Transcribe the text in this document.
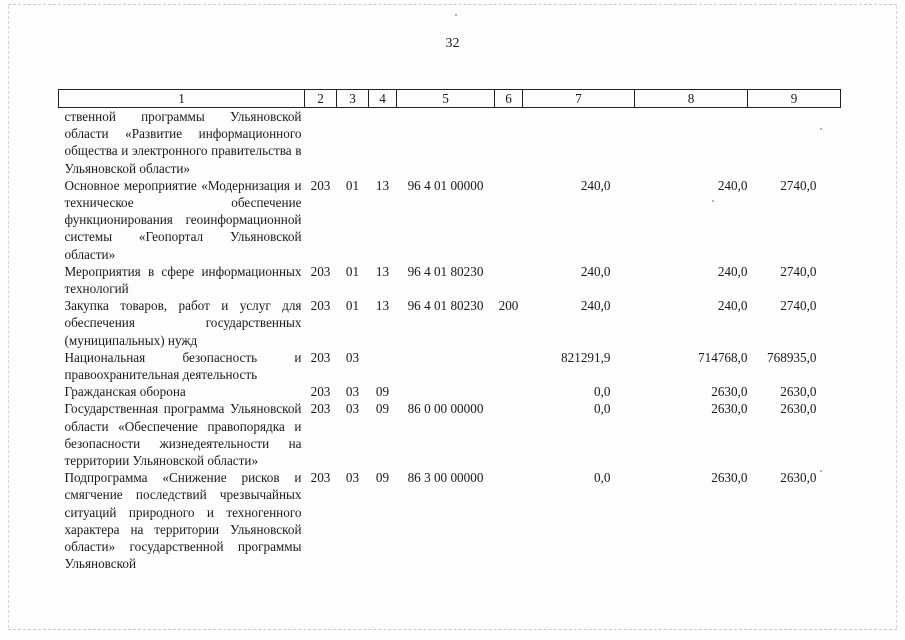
32
1	2	3	4	5	6	7	8	9
ственной программы Ульяновской области «Развитие информационного общества и электронного правительства в Ульяновской области»								
Основное мероприятие «Модернизация и техническое обеспечение функционирования геоинформационной системы «Геопортал Ульяновской области»	203	01	13	96 4 01 00000		240,0	240,0	2740,0
Мероприятия в сфере информационных технологий	203	01	13	96 4 01 80230		240,0	240,0	2740,0
Закупка товаров, работ и услуг для обеспечения государственных (муниципальных) нужд	203	01	13	96 4 01 80230	200	240,0	240,0	2740,0
Национальная безопасность и правоохранительная деятельность	203	03				821291,9	714768,0	768935,0
Гражданская оборона	203	03	09			0,0	2630,0	2630,0
Государственная программа Ульяновской области «Обеспечение правопорядка и безопасности жизнедеятельности на территории Ульяновской области»	203	03	09	86 0 00 00000		0,0	2630,0	2630,0
Подпрограмма «Снижение рисков и смягчение последствий чрезвычайных ситуаций природного и техногенного характера на территории Ульяновской области» государственной программы Ульяновской	203	03	09	86 3 00 00000		0,0	2630,0	2630,0
